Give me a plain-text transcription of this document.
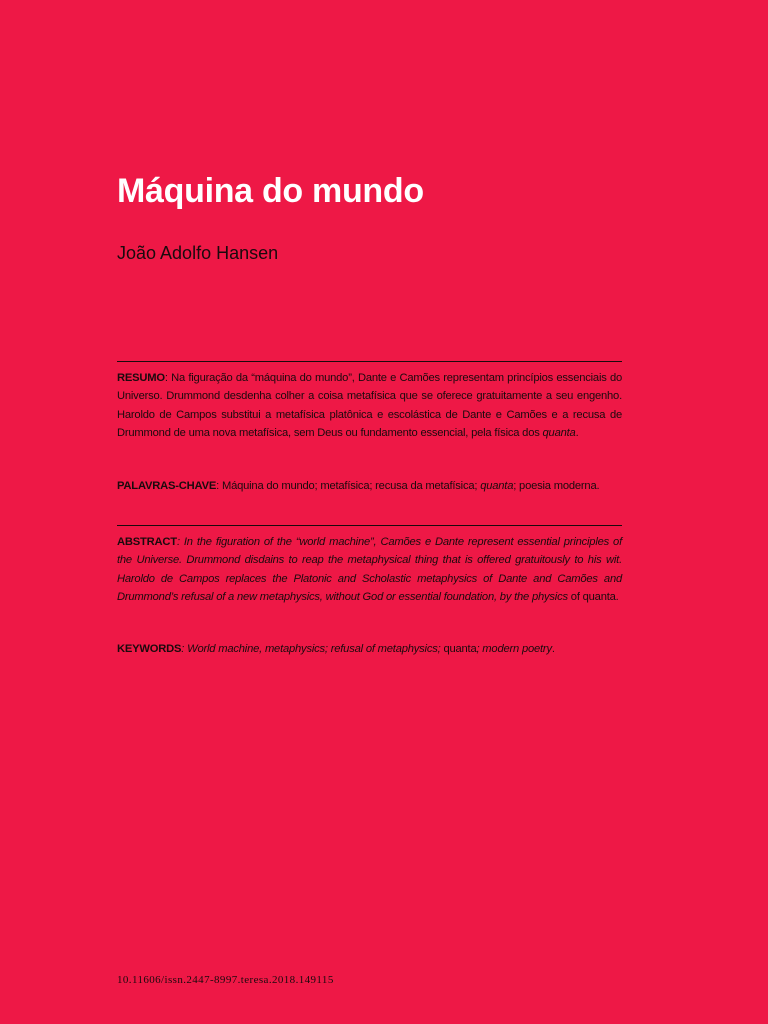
Máquina do mundo

João Adolfo Hansen

RESUMO: Na figuração da “máquina do mundo”, Dante e Camões representam princípios essenciais do Universo. Drummond desdenha colher a coisa metafísica que se oferece gratuitamente a seu engenho. Haroldo de Campos substitui a metafísica platônica e escolástica de Dante e Camões e a recusa de Drummond de uma nova metafísica, sem Deus ou fundamento essencial, pela física dos quanta.

PALAVRAS-CHAVE: Máquina do mundo; metafísica; recusa da metafísica; quanta; poesia moderna.

ABSTRACT: In the figuration of the “world machine”, Camões e Dante represent essential principles of the Universe. Drummond disdains to reap the metaphysical thing that is offered gratuitously to his wit. Haroldo de Campos replaces the Platonic and Scholastic metaphysics of Dante and Camões and Drummond’s refusal of a new metaphysics, without God or essential foundation, by the physics of quanta.

KEYWORDS: World machine, metaphysics; refusal of metaphysics; quanta; modern poetry.

10.11606/issn.2447-8997.teresa.2018.149115
